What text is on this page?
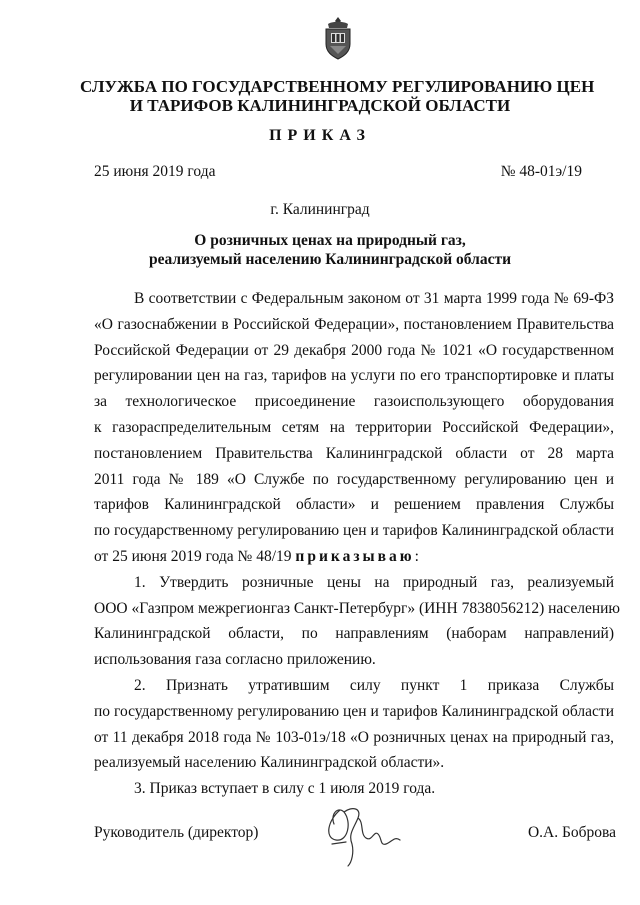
СЛУЖБА ПО ГОСУДАРСТВЕННОМУ РЕГУЛИРОВАНИЮ ЦЕН
И ТАРИФОВ КАЛИНИНГРАДСКОЙ ОБЛАСТИ
ПРИКАЗ
25 июня 2019 года	№ 48-01э/19
г. Калининград
О розничных ценах на природный газ,
реализуемый населению Калининградской области
В соответствии с Федеральным законом от 31 марта 1999 года № 69-ФЗ
«О газоснабжении в Российской Федерации», постановлением Правительства
Российской Федерации от 29 декабря 2000 года № 1021 «О государственном
регулировании цен на газ, тарифов на услуги по его транспортировке и платы
за технологическое присоединение газоиспользующего оборудования
к газораспределительным сетям на территории Российской Федерации»,
постановлением Правительства Калининградской области от 28 марта
2011 года № 189 «О Службе по государственному регулированию цен и
тарифов Калининградской области» и решением правления Службы
по государственному регулированию цен и тарифов Калининградской области
от 25 июня 2019 года № 48/19 приказываю:
1. Утвердить розничные цены на природный газ, реализуемый
ООО «Газпром межрегионгаз Санкт-Петербург» (ИНН 7838056212) населению
Калининградской области, по направлениям (наборам направлений)
использования газа согласно приложению.
2. Признать утратившим силу пункт 1 приказа Службы
по государственному регулированию цен и тарифов Калининградской области
от 11 декабря 2018 года № 103-01э/18 «О розничных ценах на природный газ,
реализуемый населению Калининградской области».
3. Приказ вступает в силу с 1 июля 2019 года.
Руководитель (директор)	О.А. Боброва
